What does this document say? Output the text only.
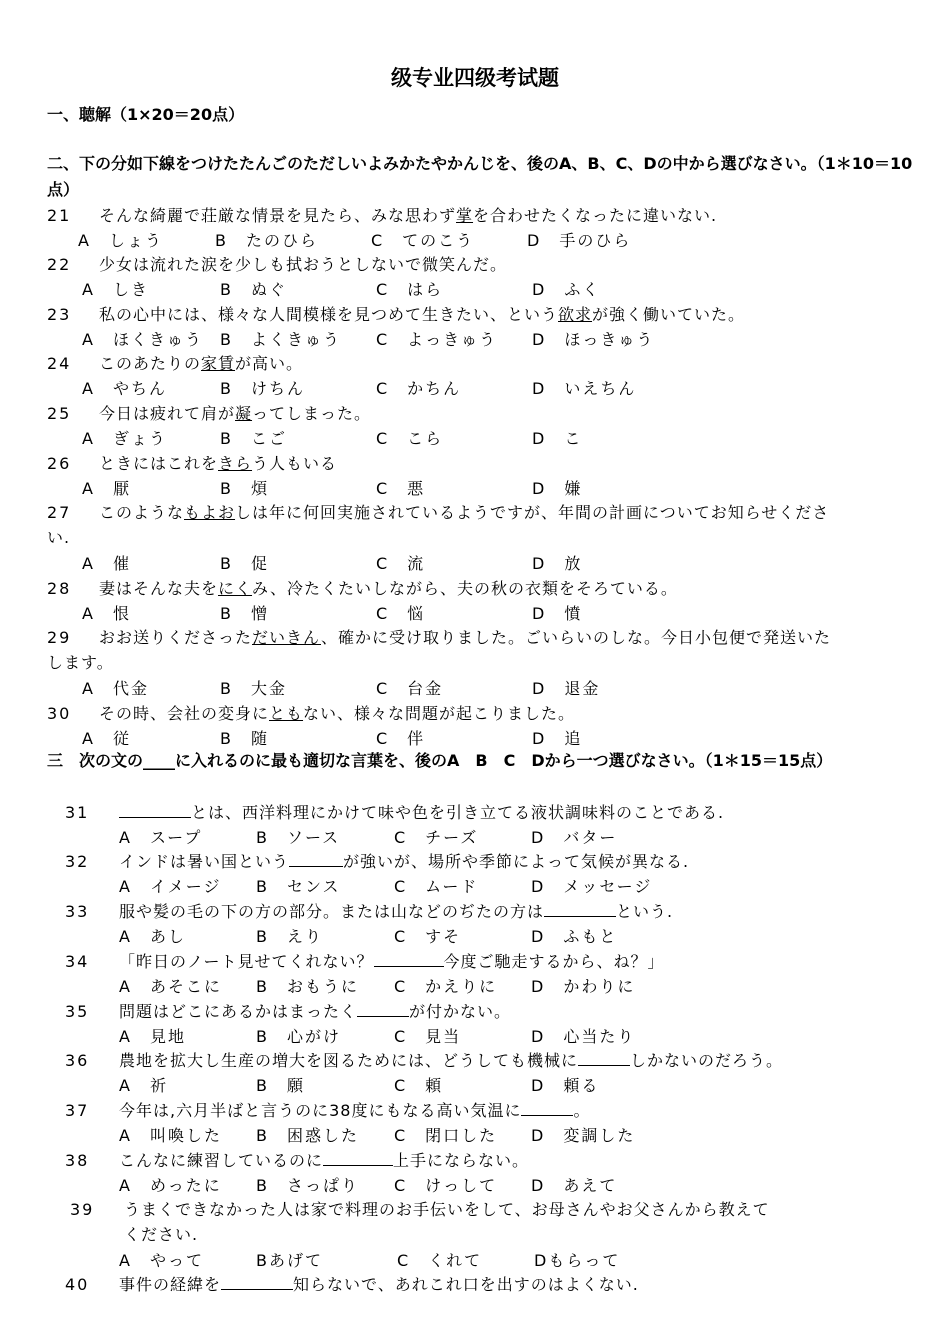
级专业四级考试题
一、聴解（1×20＝20点）
二、下の分如下線をつけたたんごのただしいよみかたやかんじを、後のA、B、C、Dの中から選びなさい。（1＊10＝10点）
21 そんな綺麗で荘厳な情景を見たら、みな思わず掌を合わせたくなったに違いない.
A　しょう	B　たのひら	C　てのこう	D　手のひら
22 少女は流れた涙を少しも拭おうとしないで微笑んだ。
A　しき	B　ぬぐ	C　はら	D　ふく
23 私の心中には、様々な人間模様を見つめて生きたい、という欲求が強く働いていた。
A　ほくきゅう B　よくきゅう C　よっきゅう D　ほっきゅう
24 このあたりの家賃が高い。
A　やちん	B　けちん	C　かちん	D　いえちん
25 今日は疲れて肩が凝ってしまった。
A　ぎょう	B　こご	C　こら	D　こ
26 ときにはこれをきらう人もいる
A　厭	B　煩	C　悪	D　嫌
27 このようなもよおしは年に何回実施されているようですが、年間の計画についてお知らせくださ
い.
A　催	B　促	C　流	D　放
28 妻はそんな夫をにくみ、冷たくたいしながら、夫の秋の衣類をそろている。
A　恨	B　憎	C　悩	D　憤
29 おお送りくださっただいきん、確かに受け取りました。ごいらいのしな。今日小包便で発送いた
します。
A　代金	B　大金	C　台金	D　退金
30 その時、会社の変身にともない、様々な問題が起こりました。
A　従	B　随	C　伴	D　追
三　次の文の____に入れるのに最も適切な言葉を、後のA　B　C　Dから一つ選びなさい。（1＊15＝15点）
31	とは、西洋料理にかけて味や色を引き立てる液状調味料のことである.
A　スープ	B　ソース	C　チーズ	D　バター
32 インドは暑い国という	が強いが、場所や季節によって気候が異なる.
A　イメージ B　センス	C　ムード	D　メッセージ
33 服や髪の毛の下の方の部分。または山などのぢたの方は	という.
A　あし	B　えり	C　すそ	D　ふもと
34 「昨日のノート見せてくれない？	今度ご馳走するから、ね？」
A　あそこに B　おもうに C　かえりに D　かわりに
35 問題はどこにあるかはまったく	が付かない。
A　見地	B　心がけ	C　見当	D　心当たり
36 農地を拡大し生産の増大を図るためには、どうしても機械に	しかないのだろう。
A　祈	B　願	C　頼	D　頼る
37 今年は,六月半ばと言うのに38度にもなる高い気温に	。
A　叫喚した B　困惑した C　閉口した D　変調した
38 こんなに練習しているのに	上手にならない。
A　めったに B　さっぱり C　けっして D　あえて
39 うまくできなかった人は家で料理のお手伝いをして、お母さんやお父さんから教えて
ください.
A　やって	Bあげて	C　くれて	Dもらって
40 事件の経緯を	知らないで、あれこれ口を出すのはよくない.
